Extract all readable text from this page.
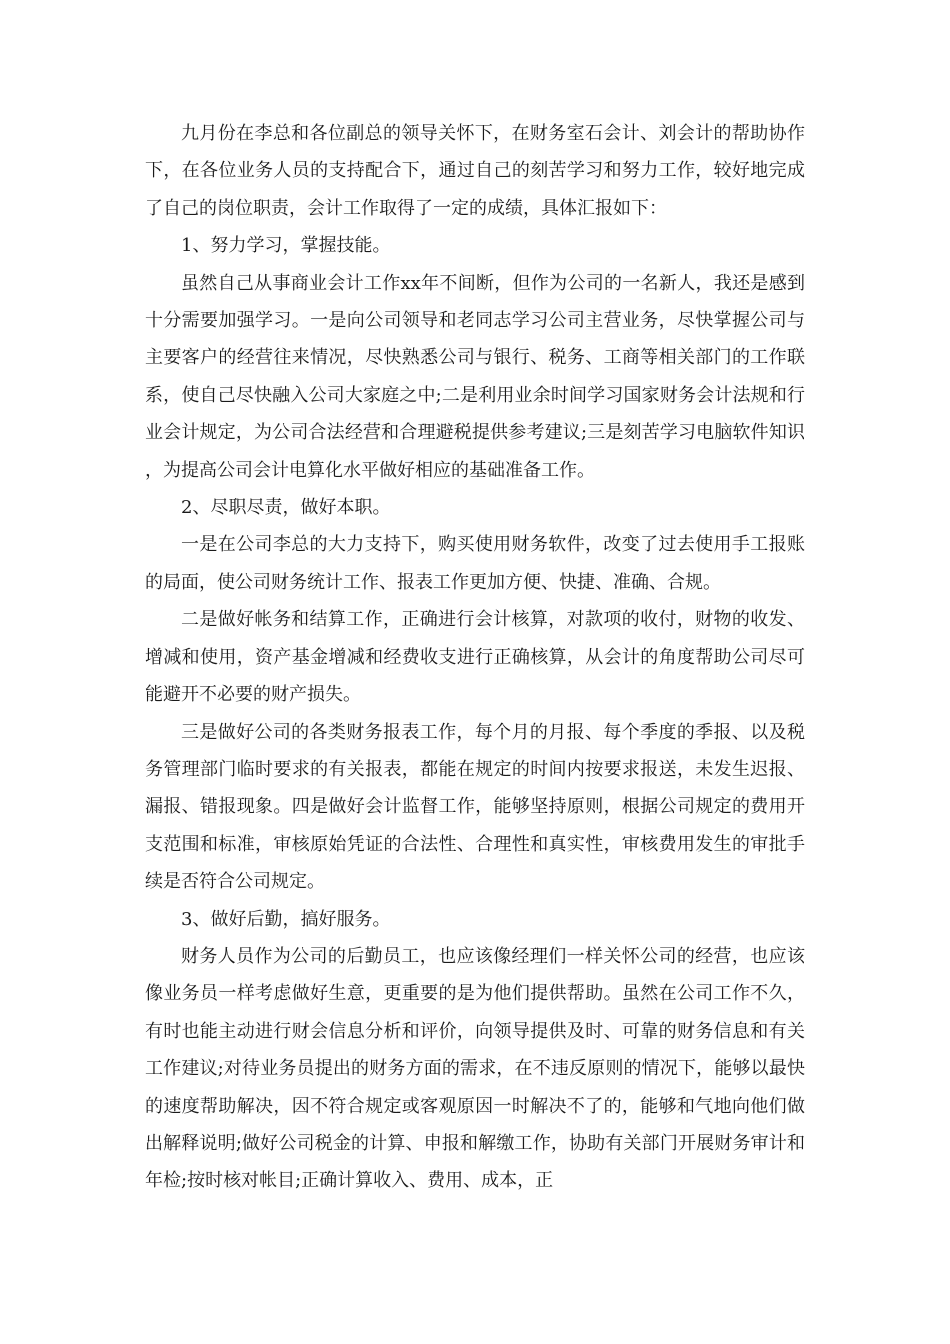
九月份在李总和各位副总的领导关怀下，在财务室石会计、刘会计的帮助协作下，在各位业务人员的支持配合下，通过自己的刻苦学习和努力工作，较好地完成了自己的岗位职责，会计工作取得了一定的成绩，具体汇报如下：

1、努力学习，掌握技能。

虽然自己从事商业会计工作xx年不间断，但作为公司的一名新人，我还是感到十分需要加强学习。一是向公司领导和老同志学习公司主营业务，尽快掌握公司与主要客户的经营往来情况，尽快熟悉公司与银行、税务、工商等相关部门的工作联系，使自己尽快融入公司大家庭之中;二是利用业余时间学习国家财务会计法规和行业会计规定，为公司合法经营和合理避税提供参考建议;三是刻苦学习电脑软件知识，为提高公司会计电算化水平做好相应的基础准备工作。

2、尽职尽责，做好本职。

一是在公司李总的大力支持下，购买使用财务软件，改变了过去使用手工报账的局面，使公司财务统计工作、报表工作更加方便、快捷、准确、合规。

二是做好帐务和结算工作，正确进行会计核算，对款项的收付，财物的收发、增减和使用，资产基金增减和经费收支进行正确核算，从会计的角度帮助公司尽可能避开不必要的财产损失。

三是做好公司的各类财务报表工作，每个月的月报、每个季度的季报、以及税务管理部门临时要求的有关报表，都能在规定的时间内按要求报送，未发生迟报、漏报、错报现象。四是做好会计监督工作，能够坚持原则，根据公司规定的费用开支范围和标准，审核原始凭证的合法性、合理性和真实性，审核费用发生的审批手续是否符合公司规定。

3、做好后勤，搞好服务。

财务人员作为公司的后勤员工，也应该像经理们一样关怀公司的经营，也应该像业务员一样考虑做好生意，更重要的是为他们提供帮助。虽然在公司工作不久，有时也能主动进行财会信息分析和评价，向领导提供及时、可靠的财务信息和有关工作建议;对待业务员提出的财务方面的需求，在不违反原则的情况下，能够以最快的速度帮助解决，因不符合规定或客观原因一时解决不了的，能够和气地向他们做出解释说明;做好公司税金的计算、申报和解缴工作，协助有关部门开展财务审计和年检;按时核对帐目;正确计算收入、费用、成本，正
